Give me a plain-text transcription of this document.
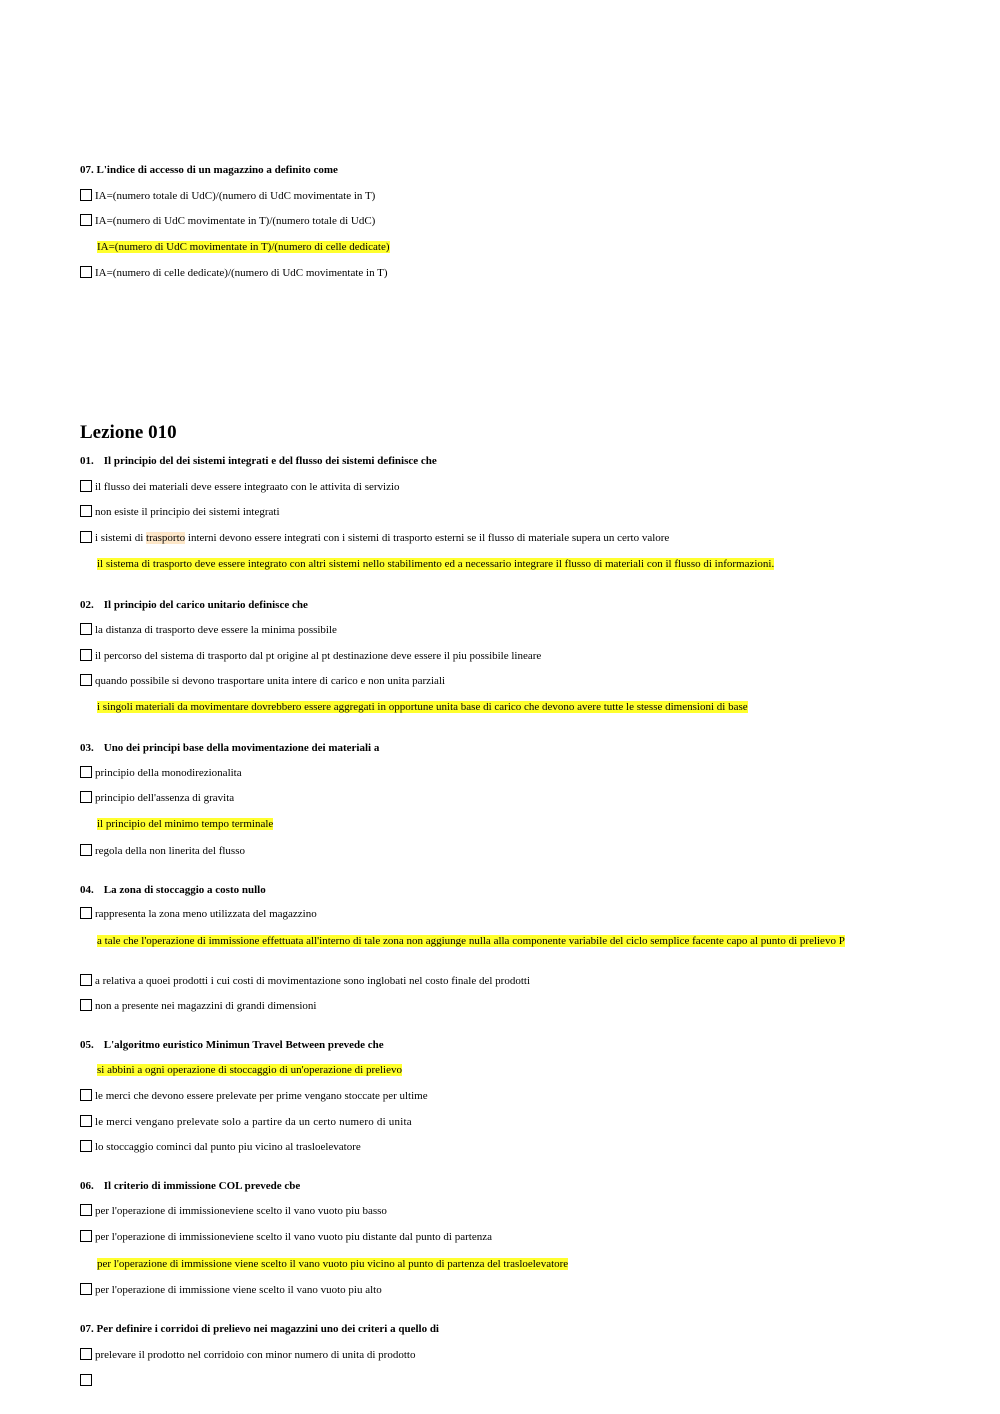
07. L'indice di accesso di un magazzino a definito come
IA=(numero totale di UdC)/(numero di UdC movimentate in T)
IA=(numero di UdC movimentate in T)/(numero totale di UdC)
IA=(numero di UdC movimentate in T)/(numero di celle dedicate)
IA=(numero di celle dedicate)/(numero di UdC movimentate in T)
Lezione 010
01. Il principio del dei sistemi integrati e del flusso dei sistemi definisce che
il flusso dei materiali deve essere integraato con le attivita di servizio
non esiste il principio dei sistemi integrati
i sistemi di trasporto interni devono essere integrati con i sistemi di trasporto esterni se il flusso di materiale supera un certo valore
il sistema di trasporto deve essere integrato con altri sistemi nello stabilimento ed a necessario integrare il flusso di materiali con il flusso di informazioni.
02. Il principio del carico unitario definisce che
la distanza di trasporto deve essere la minima possibile
il percorso del sistema di trasporto dal pt origine al pt destinazione deve essere il piu possibile lineare
quando possibile si devono trasportare unita intere di carico e non unita parziali
i singoli materiali da movimentare dovrebbero essere aggregati in opportune unita base di carico che devono avere tutte le stesse dimensioni di base
03. Uno dei principi base della movimentazione dei materiali a
principio della monodirezionalita
principio dell'assenza di gravita
il principio del minimo tempo terminale
regola della non linerita del flusso
04. La zona di stoccaggio a costo nullo
rappresenta la zona meno utilizzata del magazzino
a tale che l'operazione di immissione effettuata all'interno di tale zona non aggiunge nulla alla componente variabile del ciclo semplice facente capo al punto di prelievo P
a relativa a quoei prodotti i cui costi di movimentazione sono inglobati nel costo finale del prodotti
non a presente nei magazzini di grandi dimensioni
05. L'algoritmo euristico Minimun Travel Between prevede che
si abbini a ogni operazione di stoccaggio di un'operazione di prelievo
le merci che devono essere prelevate per prime vengano stoccate per ultime
le merci vengano prelevate solo a partire da un certo numero di unita
lo stoccaggio cominci dal punto piu vicino al trasloelevatore
06. Il criterio di immissione COL prevede cbe
per l'operazione di immissioneviene scelto il vano vuoto piu basso
per l'operazione di immissioneviene scelto il vano vuoto piu distante dal punto di partenza
per l'operazione di immissione viene scelto il vano vuoto piu vicino al punto di partenza del trasloelevatore
per l'operazione di immissione viene scelto il vano vuoto piu alto
07. Per definire i corridoi di prelievo nei magazzini uno dei criteri a quello di
prelevare il prodotto nel corridoio con minor numero di unita di prodotto
